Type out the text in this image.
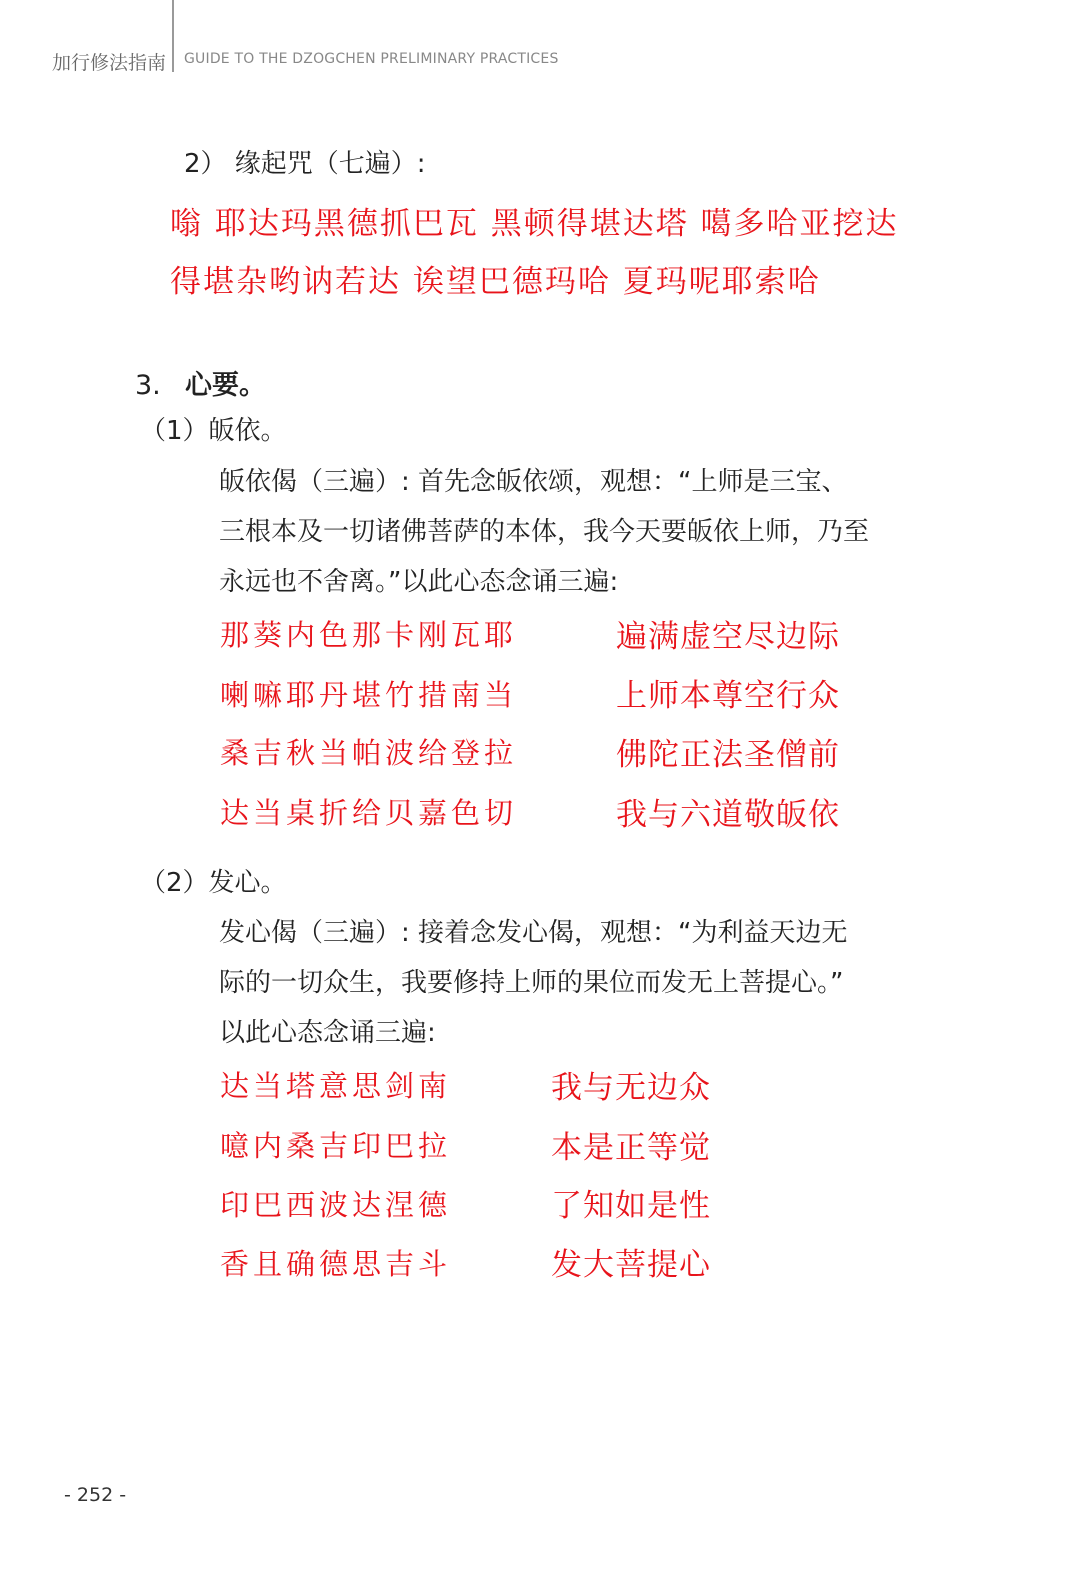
加行修法指南 GUIDE TO THE DZOGCHEN PRELIMINARY PRACTICES
2） 缘起咒（七遍）:
嗡 耶达玛黑德抓巴瓦 黑顿得堪达塔 噶多哈亚挖达
得堪杂哟讷若达 诶望巴德玛哈 夏玛呢耶索哈
3. 心要。
（1）皈依。
皈依偈（三遍）: 首先念皈依颂，观想：“上师是三宝、
三根本及一切诸佛菩萨的本体，我今天要皈依上师，乃至
永远也不舍离。”以此心态念诵三遍:
那葵内色那卡刚瓦耶	遍满虚空尽边际
喇嘛耶丹堪竹措南当	上师本尊空行众
桑吉秋当帕波给登拉	佛陀正法圣僧前
达当桌折给贝嘉色切	我与六道敬皈依
（2）发心。
发心偈（三遍）: 接着念发心偈，观想：“为利益天边无
际的一切众生，我要修持上师的果位而发无上菩提心。”
以此心态念诵三遍:
达当塔意思剑南	我与无边众
噫内桑吉印巴拉	本是正等觉
印巴西波达涅德	了知如是性
香且确德思吉斗	发大菩提心
- 252 -
